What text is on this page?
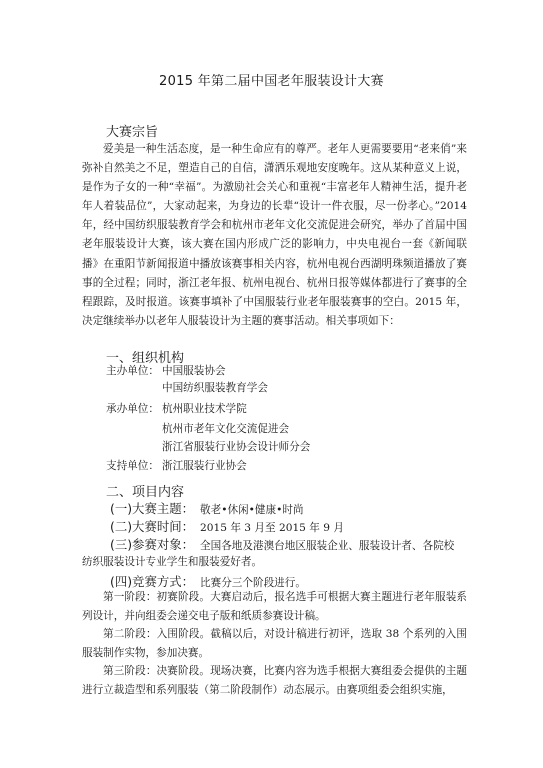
2015 年第二届中国老年服装设计大赛
大赛宗旨
爱美是一种生活态度，是一种生命应有的尊严。老年人更需要要用“老来俏”来弥补自然美之不足，塑造自己的自信，潇洒乐观地安度晚年。这从某种意义上说，是作为子女的一种“幸福”。为激励社会关心和重视“丰富老年人精神生活，提升老年人着装品位”，大家动起来，为身边的长辈“设计一件衣服，尽一份孝心。”2014 年，经中国纺织服装教育学会和杭州市老年文化交流促进会研究，举办了首届中国老年服装设计大赛，该大赛在国内形成广泛的影响力，中央电视台一套《新闻联播》在重阳节新闻报道中播放该赛事相关内容，杭州电视台西湖明珠频道播放了赛事的全过程；同时，浙江老年报、杭州电视台、杭州日报等媒体都进行了赛事的全程跟踪，及时报道。该赛事填补了中国服装行业老年服装赛事的空白。2015 年，决定继续举办以老年人服装设计为主题的赛事活动。相关事项如下：
一、组织机构
主办单位： 中国服装协会
中国纺织服装教育学会
承办单位： 杭州职业技术学院
杭州市老年文化交流促进会
浙江省服装行业协会设计师分会
支持单位： 浙江服装行业协会
二、项目内容
(一)大赛主题： 敬老•休闲•健康•时尚
(二)大赛时间： 2015 年 3 月至 2015 年 9 月
(三)参赛对象： 全国各地及港澳台地区服装企业、服装设计者、各院校
纺织服装设计专业学生和服装爱好者。
(四)竞赛方式： 比赛分三个阶段进行。
第一阶段：初赛阶段。大赛启动后，报名选手可根据大赛主题进行老年服装系列设计，并向组委会递交电子版和纸质参赛设计稿。
第二阶段：入围阶段。截稿以后，对设计稿进行初评，选取 38 个系列的入围服装制作实物，参加决赛。
第三阶段：决赛阶段。现场决赛，比赛内容为选手根据大赛组委会提供的主题进行立裁造型和系列服装（第二阶段制作）动态展示。由赛项组委会组织实施，
